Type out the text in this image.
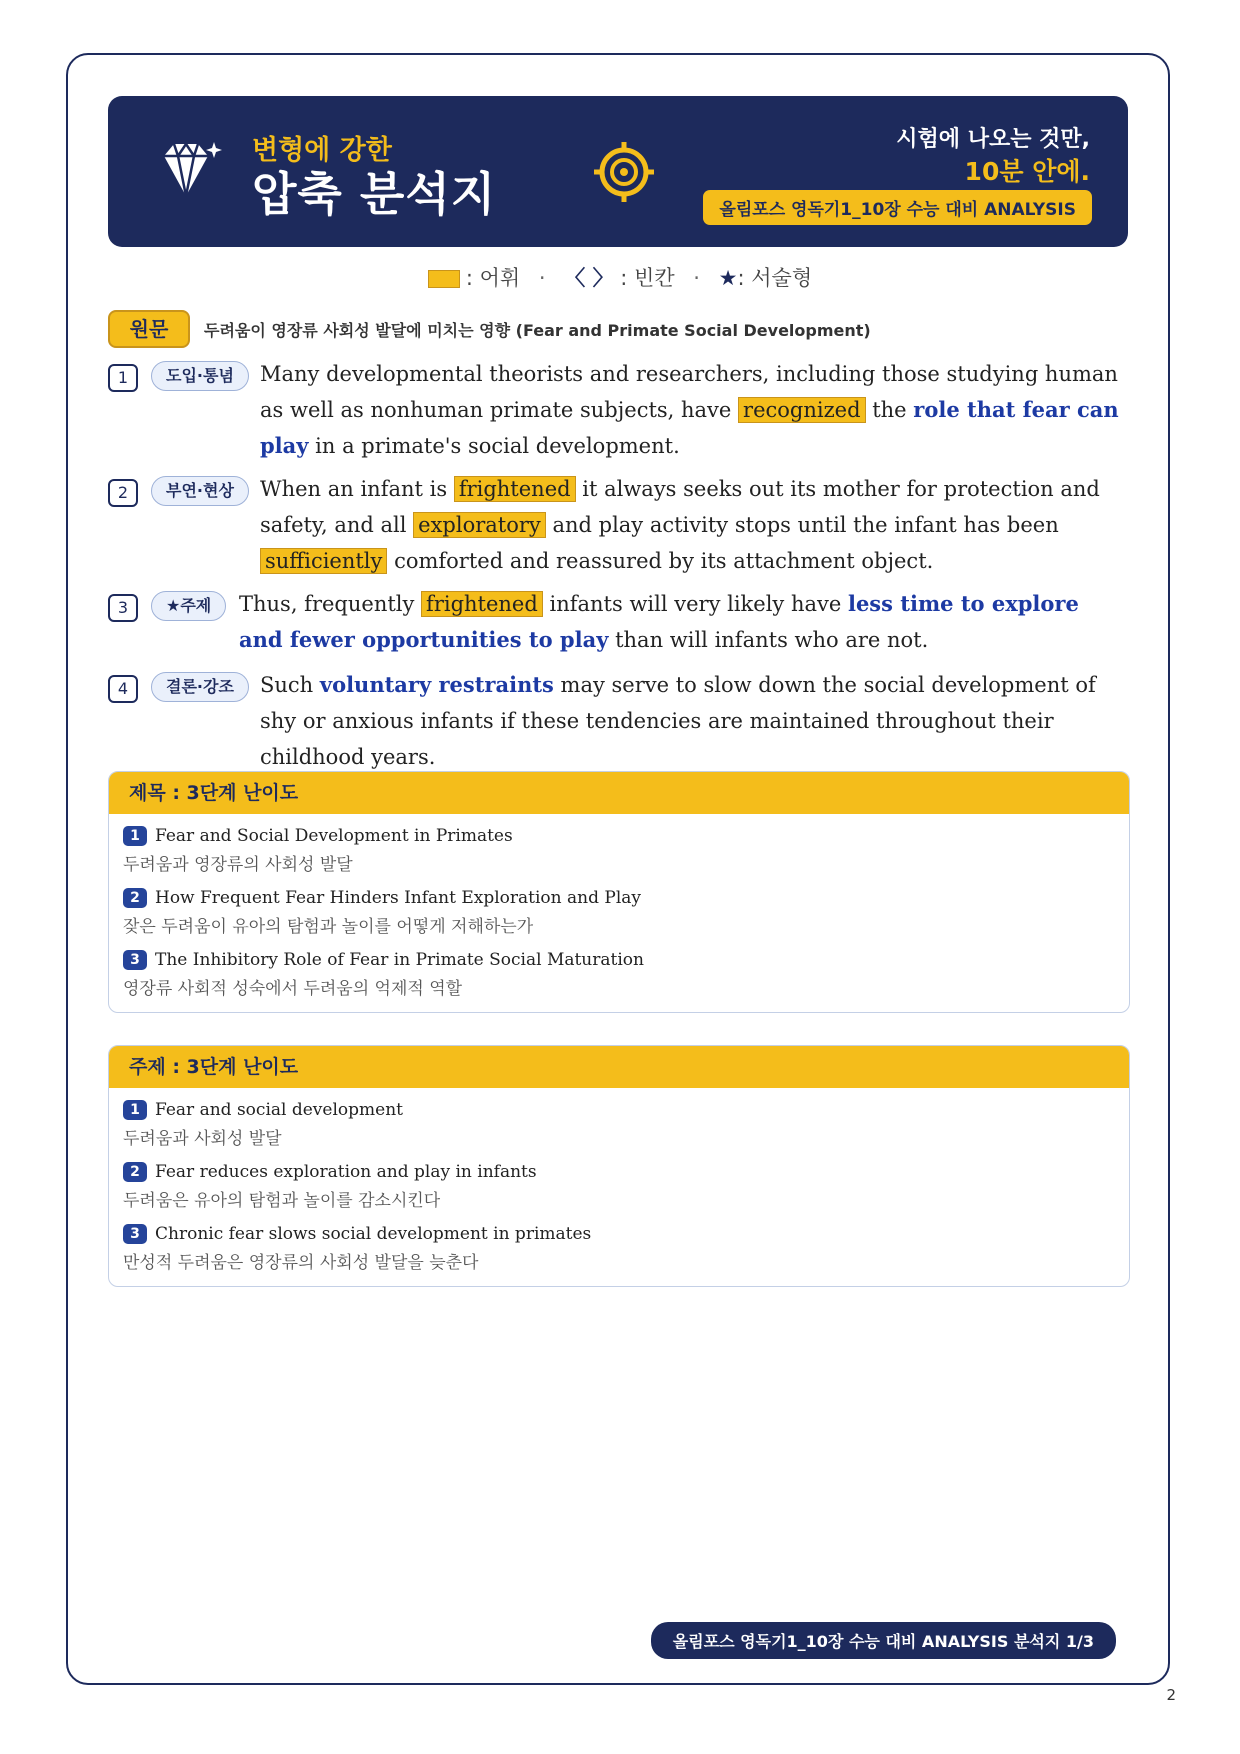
변형에 강한
압축 분석지
시험에 나오는 것만,
10분 안에.
올림포스 영독기1_10장 수능 대비 ANALYSIS
: 어휘 · 〈 〉 : 빈칸 · ★: 서술형
원문	두려움이 영장류 사회성 발달에 미치는 영향 (Fear and Primate Social Development)
1	도입·통념	Many developmental theorists and researchers, including those studying human as well as nonhuman primate subjects, have recognized the role that fear can play in a primate's social development.
2	부연·현상	When an infant is frightened it always seeks out its mother for protection and safety, and all exploratory and play activity stops until the infant has been sufficiently comforted and reassured by its attachment object.
3	★주제	Thus, frequently frightened infants will very likely have less time to explore and fewer opportunities to play than will infants who are not.
4	결론·강조	Such voluntary restraints may serve to slow down the social development of shy or anxious infants if these tendencies are maintained throughout their childhood years.
제목 : 3단계 난이도
1 Fear and Social Development in Primates
두려움과 영장류의 사회성 발달
2 How Frequent Fear Hinders Infant Exploration and Play
잦은 두려움이 유아의 탐험과 놀이를 어떻게 저해하는가
3 The Inhibitory Role of Fear in Primate Social Maturation
영장류 사회적 성숙에서 두려움의 억제적 역할
주제 : 3단계 난이도
1 Fear and social development
두려움과 사회성 발달
2 Fear reduces exploration and play in infants
두려움은 유아의 탐험과 놀이를 감소시킨다
3 Chronic fear slows social development in primates
만성적 두려움은 영장류의 사회성 발달을 늦춘다
올림포스 영독기1_10장 수능 대비 ANALYSIS 분석지 1/3
2
